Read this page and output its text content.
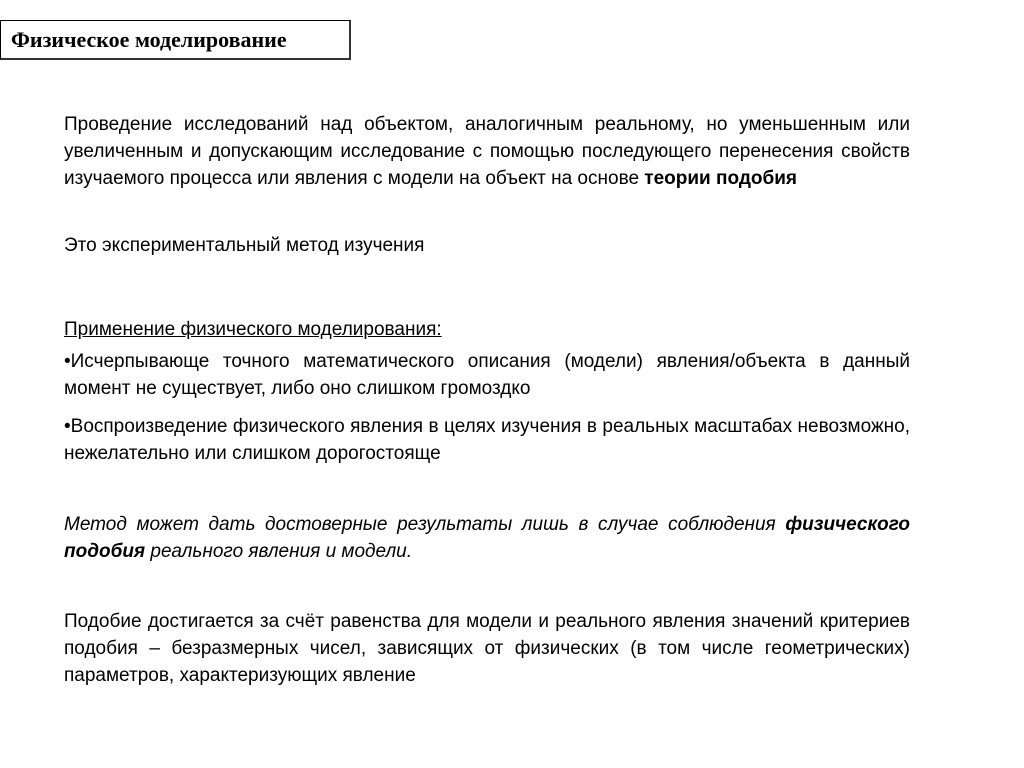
Физическое моделирование
Проведение исследований над объектом, аналогичным реальному, но уменьшенным или увеличенным и допускающим исследование с помощью последующего перенесения свойств изучаемого процесса или явления с модели на объект на основе теории подобия
Это экспериментальный метод изучения
Применение физического моделирования:
•Исчерпывающе точного математического описания (модели) явления/объекта в данный момент не существует, либо оно слишком громоздко
•Воспроизведение физического явления в целях изучения в реальных масштабах невозможно, нежелательно или слишком дорогостояще
Метод может дать достоверные результаты лишь в случае соблюдения физического подобия реального явления и модели.
Подобие достигается за счёт равенства для модели и реального явления значений критериев подобия – безразмерных чисел, зависящих от физических (в том числе геометрических) параметров, характеризующих явление
